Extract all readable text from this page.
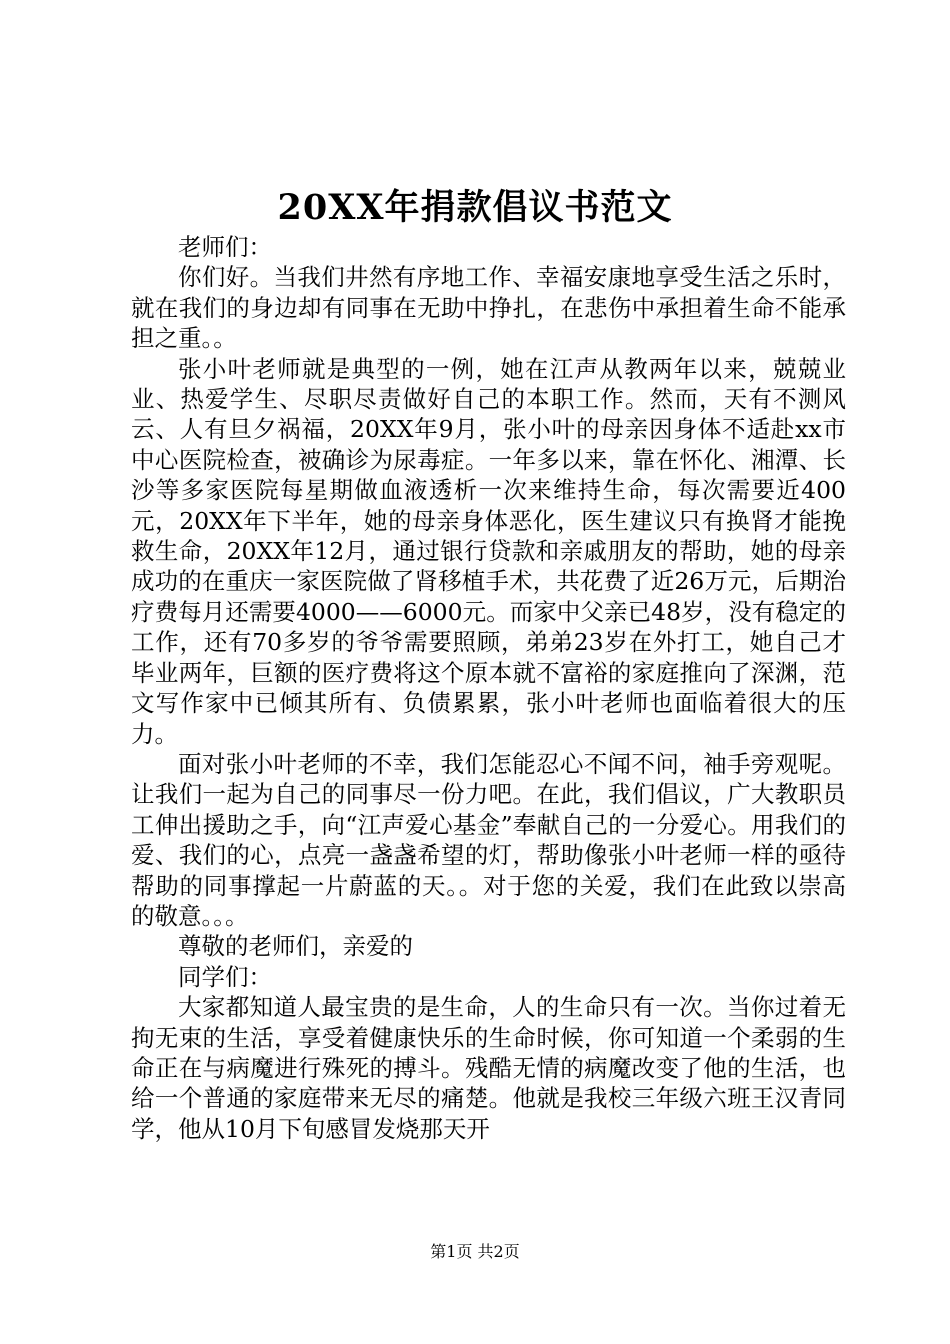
20XX年捐款倡议书范文

老师们：

你们好。当我们井然有序地工作、幸福安康地享受生活之乐时，就在我们的身边却有同事在无助中挣扎，在悲伤中承担着生命不能承担之重。。

张小叶老师就是典型的一例，她在江声从教两年以来，兢兢业业、热爱学生、尽职尽责做好自己的本职工作。然而，天有不测风云、人有旦夕祸福，20XX年9月，张小叶的母亲因身体不适赴xx市中心医院检查，被确诊为尿毒症。一年多以来，靠在怀化、湘潭、长沙等多家医院每星期做血液透析一次来维持生命，每次需要近400元，20XX年下半年，她的母亲身体恶化，医生建议只有换肾才能挽救生命，20XX年12月，通过银行贷款和亲戚朋友的帮助，她的母亲成功的在重庆一家医院做了肾移植手术，共花费了近26万元，后期治疗费每月还需要4000——6000元。而家中父亲已48岁，没有稳定的工作，还有70多岁的爷爷需要照顾，弟弟23岁在外打工，她自己才毕业两年，巨额的医疗费将这个原本就不富裕的家庭推向了深渊，范文写作家中已倾其所有、负债累累，张小叶老师也面临着很大的压力。

面对张小叶老师的不幸，我们怎能忍心不闻不问，袖手旁观呢。让我们一起为自己的同事尽一份力吧。在此，我们倡议，广大教职员工伸出援助之手，向“江声爱心基金”奉献自己的一分爱心。用我们的爱、我们的心，点亮一盏盏希望的灯，帮助像张小叶老师一样的亟待帮助的同事撑起一片蔚蓝的天。。对于您的关爱，我们在此致以崇高的敬意。。。

尊敬的老师们，亲爱的

同学们：

大家都知道人最宝贵的是生命，人的生命只有一次。当你过着无拘无束的生活，享受着健康快乐的生命时候，你可知道一个柔弱的生命正在与病魔进行殊死的搏斗。残酷无情的病魔改变了他的生活，也给一个普通的家庭带来无尽的痛楚。他就是我校三年级六班王汉青同学，他从10月下旬感冒发烧那天开

第1页 共2页
